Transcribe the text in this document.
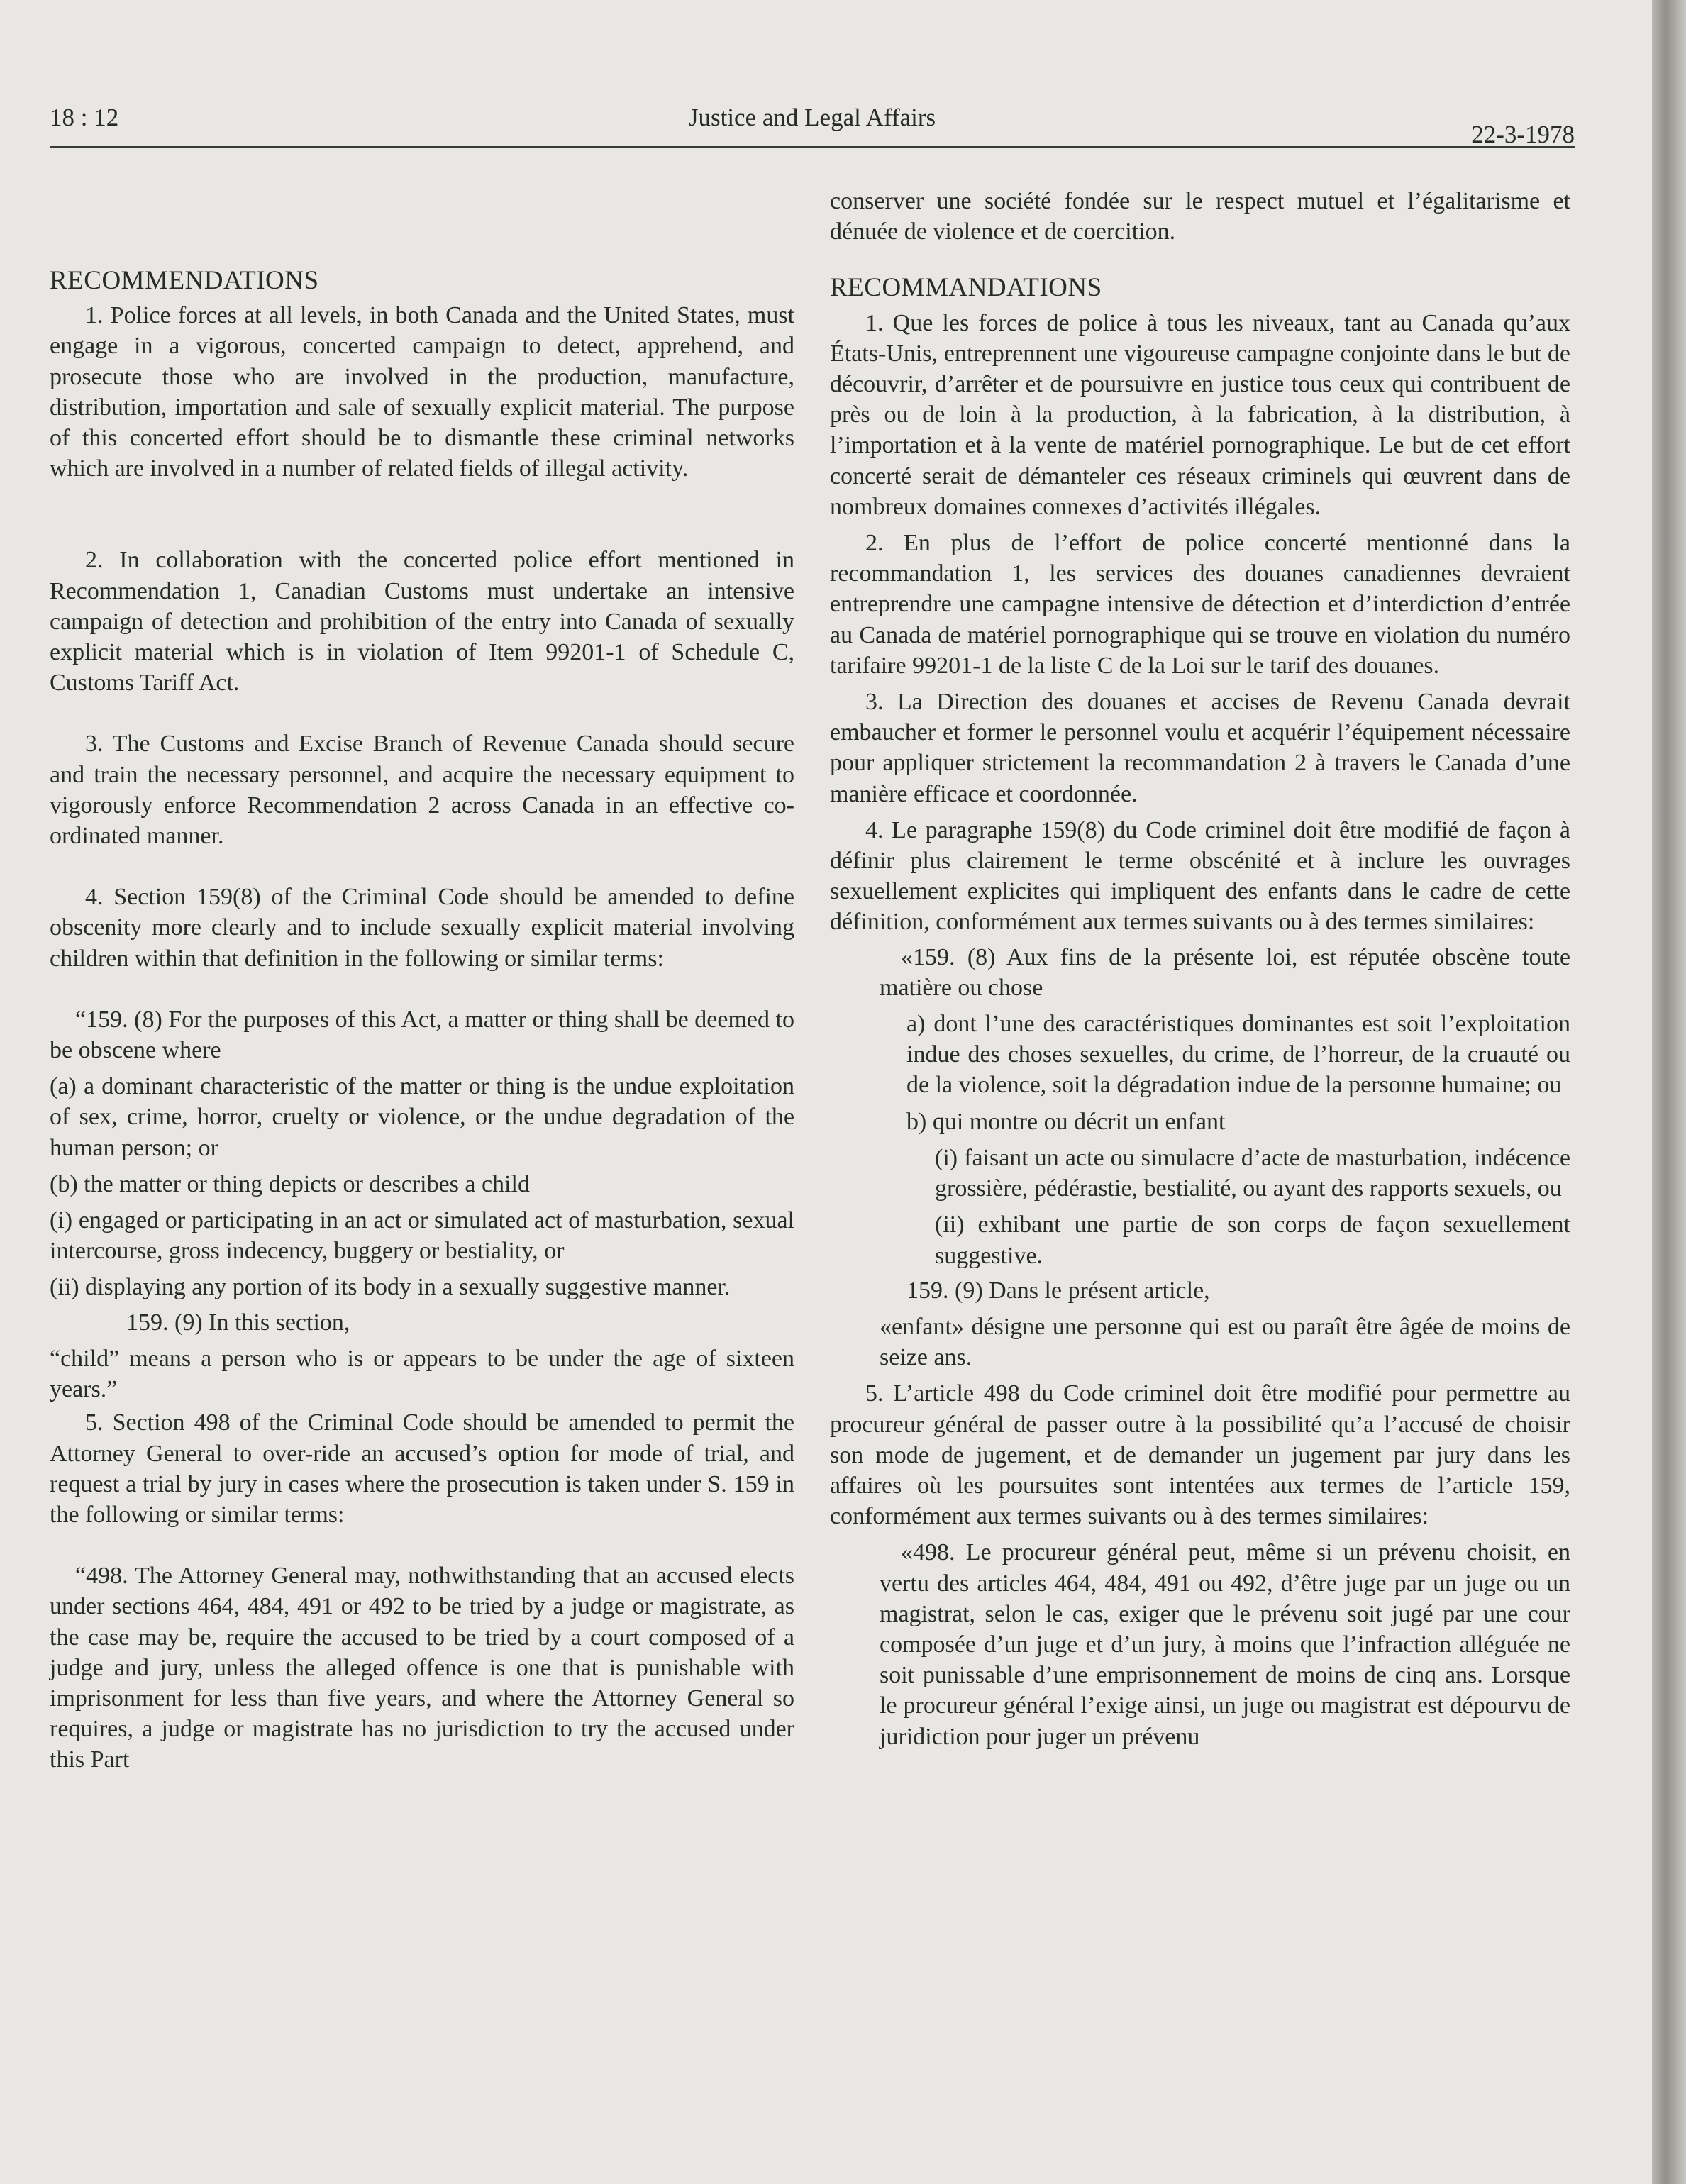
18 : 12	Justice and Legal Affairs
22-3-1978

RECOMMENDATIONS

1. Police forces at all levels, in both Canada and the United States, must engage in a vigorous, concerted campaign to detect, apprehend, and prosecute those who are involved in the production, manufacture, distribution, importation and sale of sexually explicit material. The purpose of this concerted effort should be to dismantle these criminal networks which are involved in a number of related fields of illegal activity.

2. In collaboration with the concerted police effort mentioned in Recommendation 1, Canadian Customs must undertake an intensive campaign of detection and prohibition of the entry into Canada of sexually explicit material which is in violation of Item 99201-1 of Schedule C, Customs Tariff Act.

3. The Customs and Excise Branch of Revenue Canada should secure and train the necessary personnel, and acquire the necessary equipment to vigorously enforce Recommendation 2 across Canada in an effective co-ordinated manner.

4. Section 159(8) of the Criminal Code should be amended to define obscenity more clearly and to include sexually explicit material involving children within that definition in the following or similar terms:

“159. (8) For the purposes of this Act, a matter or thing shall be deemed to be obscene where

(a) a dominant characteristic of the matter or thing is the undue exploitation of sex, crime, horror, cruelty or violence, or the undue degradation of the human person; or

(b) the matter or thing depicts or describes a child

(i) engaged or participating in an act or simulated act of masturbation, sexual intercourse, gross indecency, buggery or bestiality, or

(ii) displaying any portion of its body in a sexually suggestive manner.

159. (9) In this section,

“child” means a person who is or appears to be under the age of sixteen years.”

5. Section 498 of the Criminal Code should be amended to permit the Attorney General to over-ride an accused’s option for mode of trial, and request a trial by jury in cases where the prosecution is taken under S. 159 in the following or similar terms:

“498. The Attorney General may, nothwithstanding that an accused elects under sections 464, 484, 491 or 492 to be tried by a judge or magistrate, as the case may be, require the accused to be tried by a court composed of a judge and jury, unless the alleged offence is one that is punishable with imprisonment for less than five years, and where the Attorney General so requires, a judge or magistrate has no jurisdiction to try the accused under this Part

conserver une société fondée sur le respect mutuel et l’égalitarisme et dénuée de violence et de coercition.

RECOMMANDATIONS

1. Que les forces de police à tous les niveaux, tant au Canada qu’aux États-Unis, entreprennent une vigoureuse campagne conjointe dans le but de découvrir, d’arrêter et de poursuivre en justice tous ceux qui contribuent de près ou de loin à la production, à la fabrication, à la distribution, à l’importation et à la vente de matériel pornographique. Le but de cet effort concerté serait de démanteler ces réseaux criminels qui œuvrent dans de nombreux domaines connexes d’activités illégales.

2. En plus de l’effort de police concerté mentionné dans la recommandation 1, les services des douanes canadiennes devraient entreprendre une campagne intensive de détection et d’interdiction d’entrée au Canada de matériel pornographique qui se trouve en violation du numéro tarifaire 99201-1 de la liste C de la Loi sur le tarif des douanes.

3. La Direction des douanes et accises de Revenu Canada devrait embaucher et former le personnel voulu et acquérir l’équipement nécessaire pour appliquer strictement la recommandation 2 à travers le Canada d’une manière efficace et coordonnée.

4. Le paragraphe 159(8) du Code criminel doit être modifié de façon à définir plus clairement le terme obscénité et à inclure les ouvrages sexuellement explicites qui impliquent des enfants dans le cadre de cette définition, conformément aux termes suivants ou à des termes similaires:

«159. (8) Aux fins de la présente loi, est réputée obscène toute matière ou chose

a) dont l’une des caractéristiques dominantes est soit l’exploitation indue des choses sexuelles, du crime, de l’horreur, de la cruauté ou de la violence, soit la dégradation indue de la personne humaine; ou

b) qui montre ou décrit un enfant

(i) faisant un acte ou simulacre d’acte de masturbation, indécence grossière, pédérastie, bestialité, ou ayant des rapports sexuels, ou

(ii) exhibant une partie de son corps de façon sexuellement suggestive.

159. (9) Dans le présent article,

«enfant» désigne une personne qui est ou paraît être âgée de moins de seize ans.

5. L’article 498 du Code criminel doit être modifié pour permettre au procureur général de passer outre à la possibilité qu’a l’accusé de choisir son mode de jugement, et de demander un jugement par jury dans les affaires où les poursuites sont intentées aux termes de l’article 159, conformément aux termes suivants ou à des termes similaires:

«498. Le procureur général peut, même si un prévenu choisit, en vertu des articles 464, 484, 491 ou 492, d’être juge par un juge ou un magistrat, selon le cas, exiger que le prévenu soit jugé par une cour composée d’un juge et d’un jury, à moins que l’infraction alléguée ne soit punissable d’une emprisonnement de moins de cinq ans. Lorsque le procureur général l’exige ainsi, un juge ou magistrat est dépourvu de juridiction pour juger un prévenu
